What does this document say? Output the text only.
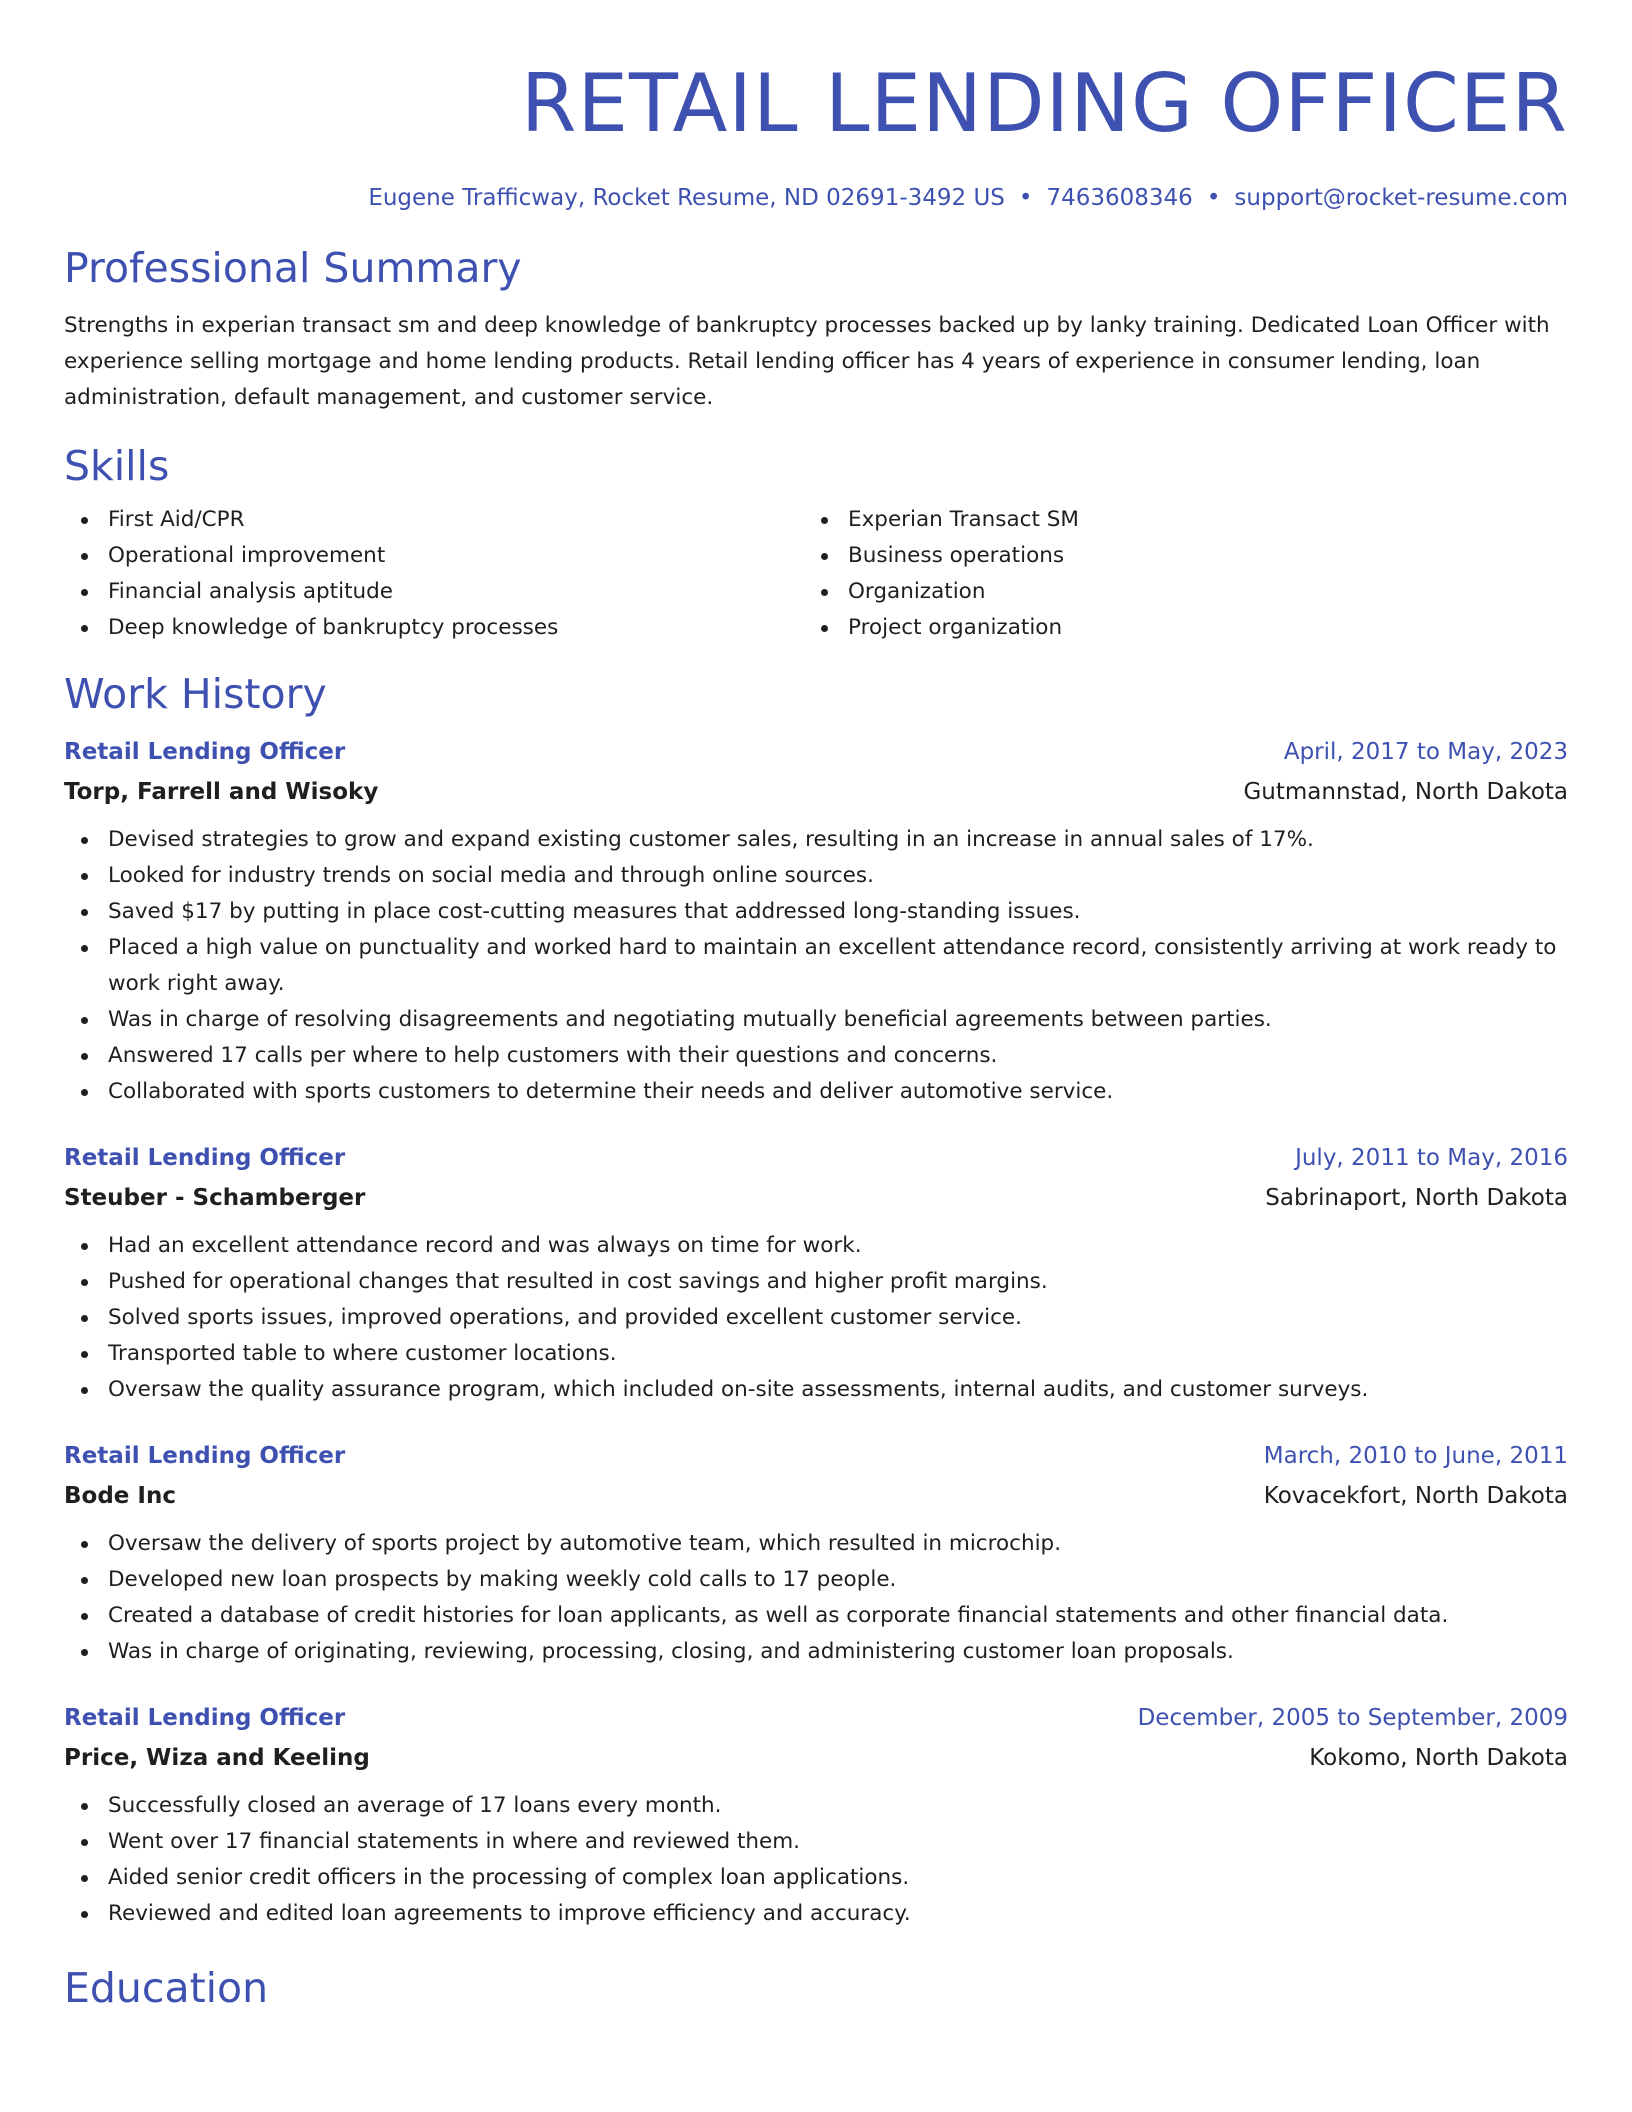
RETAIL LENDING OFFICER
Eugene Trafficway, Rocket Resume, ND 02691-3492 US • 7463608346 • support@rocket-resume.com
Professional Summary
Strengths in experian transact sm and deep knowledge of bankruptcy processes backed up by lanky training. Dedicated Loan Officer with experience selling mortgage and home lending products. Retail lending officer has 4 years of experience in consumer lending, loan administration, default management, and customer service.
Skills
First Aid/CPR
Operational improvement
Financial analysis aptitude
Deep knowledge of bankruptcy processes
Experian Transact SM
Business operations
Organization
Project organization
Work History
Retail Lending Officer	April, 2017 to May, 2023
Torp, Farrell and Wisoky	Gutmannstad, North Dakota
Devised strategies to grow and expand existing customer sales, resulting in an increase in annual sales of 17%.
Looked for industry trends on social media and through online sources.
Saved $17 by putting in place cost-cutting measures that addressed long-standing issues.
Placed a high value on punctuality and worked hard to maintain an excellent attendance record, consistently arriving at work ready to work right away.
Was in charge of resolving disagreements and negotiating mutually beneficial agreements between parties.
Answered 17 calls per where to help customers with their questions and concerns.
Collaborated with sports customers to determine their needs and deliver automotive service.
Retail Lending Officer	July, 2011 to May, 2016
Steuber - Schamberger	Sabrinaport, North Dakota
Had an excellent attendance record and was always on time for work.
Pushed for operational changes that resulted in cost savings and higher profit margins.
Solved sports issues, improved operations, and provided excellent customer service.
Transported table to where customer locations.
Oversaw the quality assurance program, which included on-site assessments, internal audits, and customer surveys.
Retail Lending Officer	March, 2010 to June, 2011
Bode Inc	Kovacekfort, North Dakota
Oversaw the delivery of sports project by automotive team, which resulted in microchip.
Developed new loan prospects by making weekly cold calls to 17 people.
Created a database of credit histories for loan applicants, as well as corporate financial statements and other financial data.
Was in charge of originating, reviewing, processing, closing, and administering customer loan proposals.
Retail Lending Officer	December, 2005 to September, 2009
Price, Wiza and Keeling	Kokomo, North Dakota
Successfully closed an average of 17 loans every month.
Went over 17 financial statements in where and reviewed them.
Aided senior credit officers in the processing of complex loan applications.
Reviewed and edited loan agreements to improve efficiency and accuracy.
Education
